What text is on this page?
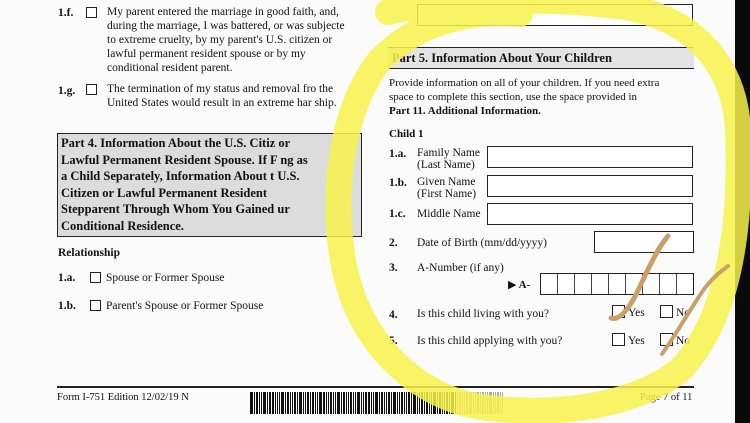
1.f.	My parent entered the marriage in good faith, and,
during the marriage, I was battered, or was subjecte
to extreme cruelty, by my parent's U.S. citizen or
lawful permanent resident spouse or by my
conditional resident parent.
1.g.	The termination of my status and removal fro the
United States would result in an extreme har ship.
Part 4. Information About the U.S. Citiz or
Lawful Permanent Resident Spouse. If F ng as
a Child Separately, Information About t U.S.
Citizen or Lawful Permanent Resident
Stepparent Through Whom You Gained ur
Conditional Residence.
Relationship
1.a.	Spouse or Former Spouse
1.b.	Parent's Spouse or Former Spouse
Part 5. Information About Your Children
Provide information on all of your children. If you need extra
space to complete this section, use the space provided in
Part 11. Additional Information.
Child 1
1.a. Family Name
(Last Name)
1.b. Given Name
(First Name)
1.c. Middle Name
2. Date of Birth (mm/dd/yyyy)
3. A-Number (if any)
▶ A-
4. Is this child living with you?	Yes	No
5. Is this child applying with you?	Yes	No
Form I-751 Edition 12/02/19 N	Page 7 of 11
